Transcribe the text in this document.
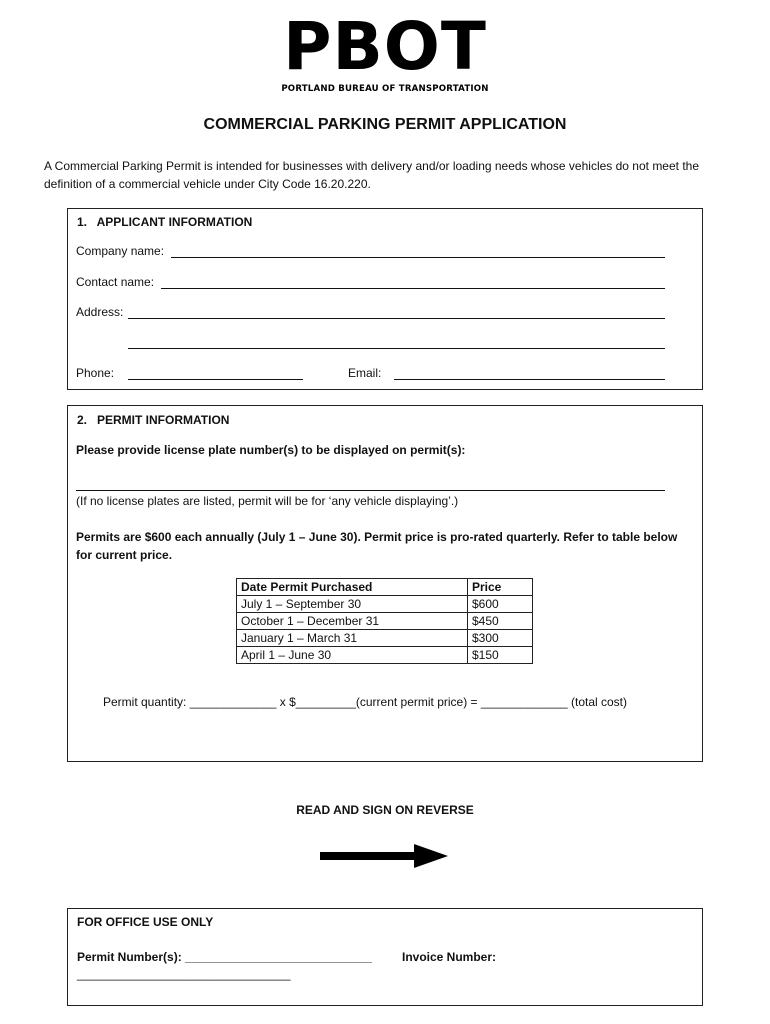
PBOT
PORTLAND BUREAU OF TRANSPORTATION
COMMERCIAL PARKING PERMIT APPLICATION
A Commercial Parking Permit is intended for businesses with delivery and/or loading needs whose vehicles do not meet the definition of a commercial vehicle under City Code 16.20.220.
1.   APPLICANT INFORMATION
Company name:
Contact name:
Address:
Phone:	Email:
2.   PERMIT INFORMATION
Please provide license plate number(s) to be displayed on permit(s):
(If no license plates are listed, permit will be for ‘any vehicle displaying’.)
Permits are $600 each annually (July 1 – June 30). Permit price is pro-rated quarterly. Refer to table below for current price.
Date Permit Purchased	Price
July 1 – September 30	$600
October 1 – December 31	$450
January 1 – March 31	$300
April 1 – June 30	$150
Permit quantity: _____________ x $_________(current permit price) = _____________ (total cost)
READ AND SIGN ON REVERSE
FOR OFFICE USE ONLY
Permit Number(s): ____________________________	Invoice Number:
________________________________
